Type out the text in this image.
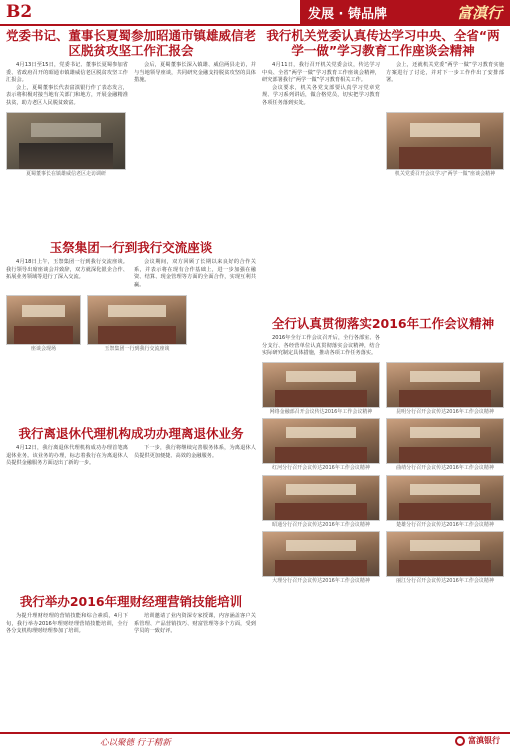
B2	发展 · 铸品牌	富滇行
党委书记、董事长夏蜀参加昭通市镇雄威信老区脱贫攻坚工作汇报会

4月13日至15日，党委书记、董事长夏蜀参加省委、省政府召开的昭通市镇雄威信老区脱贫攻坚工作汇报会。

会上，夏蜀董事长代表富滇银行作了表态发言，表示将积极对接当地有关部门和地方，开展金融精准扶贫，助力老区人民脱贫致富。

会后，夏蜀董事长深入镇雄、威信两县走访，并与当地领导座谈，共同研究金融支持脱贫攻坚的具体措施。

夏蜀董事长在镇雄威信老区走访调研
玉祭集团一行到我行交流座谈

4月18日上午，玉祭集团一行到我行交流座谈。我行领导出席座谈会并致辞，双方就深化银企合作、拓展业务领域等进行了深入交流。

会议期间，双方回顾了长期以来良好的合作关系，并表示将在现有合作基础上，进一步加强在融资、结算、现金管理等方面的全面合作，实现互利共赢。

座谈会现场	玉祭集团一行到我行交流座谈
我行离退休代理机构成功办理离退休业务

4月12日，我行离退休代理机构成功办理首笔离退休业务。该业务的办理，标志着我行在为离退休人员提供金融服务方面迈出了新的一步。

下一步，我行将继续完善服务体系，为离退休人员提供更加便捷、高效的金融服务。

我行举办2016年理财经理营销技能培训

为提升理财经理的营销技能和综合素质，4月下旬，我行举办2016年理财经理营销技能培训，全行各分支机构理财经理参加了培训。

培训邀请了业内资深专家授课，内容涵盖客户关系管理、产品营销技巧、财富管理等多个方面，受到学员的一致好评。

我行机关党委认真传达学习中央、全省“两学一做”学习教育工作座谈会精神

4月11日，我行召开机关党委会议，传达学习中央、全省“两学一做”学习教育工作座谈会精神，研究部署我行“两学一做”学习教育相关工作。

会议要求，机关各党支部要认真学习党章党规、学习系列讲话，做合格党员，切实把学习教育各项任务落到实处。

会上，还就机关党委“两学一做”学习教育实施方案进行了讨论，并对下一步工作作出了安排部署。

机关党委召开会议学习“两学一做”座谈会精神
全行认真贯彻落实2016年工作会议精神

2016年全行工作会议召开后，全行各部室、各分支行、各经营单位认真贯彻落实会议精神，结合实际研究制定具体措施，推动各项工作任务落实。

网络金融部召开会议传达2016年工作会议精神	昆明分行召开会议传达2016年工作会议精神
红河分行召开会议传达2016年工作会议精神	曲靖分行召开会议传达2016年工作会议精神
昭通分行召开会议传达2016年工作会议精神	楚雄分行召开会议传达2016年工作会议精神
大理分行召开会议传达2016年工作会议精神	丽江分行召开会议传达2016年工作会议精神
心以聚德 行于精新	富滇银行
